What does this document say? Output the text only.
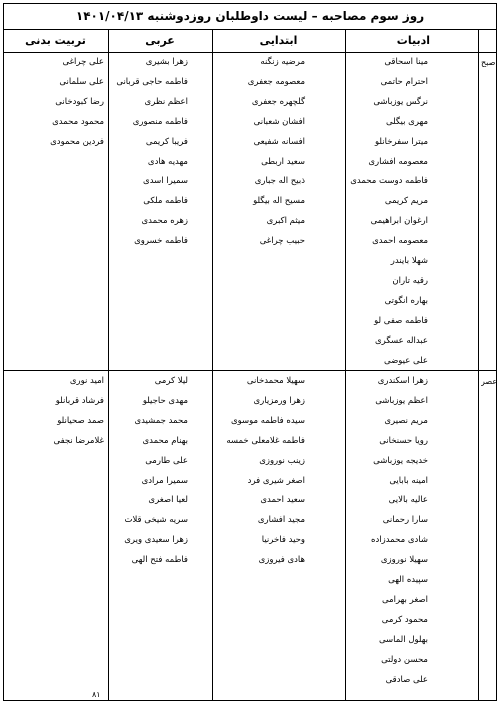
روز سوم مصاحبه – لیست داوطلبان روزدوشنبه ۱۴۰۱/۰۴/۱۳
ادبیات
ابتدایی
عربی
تربیت بدنی
۸۱
صبح
مینا اسحاقی
احترام حاتمی
نرگس یوزباشی
مهری بیگلی
میترا سفرخانلو
معصومه افشاری
فاطمه دوست محمدی
مریم کریمی
ارغوان ابراهیمی
معصومه احمدی
شهلا بایندر
رقیه تاران
بهاره انگوتی
فاطمه صفی لو
عبداله عسگری
علی عیوضی
مرضیه زنگنه
معصومه جعفری
گلچهره جعفری
افشان شعبانی
افسانه شفیعی
سعید اربطی
ذبیح اله جباری
مسیح اله بیگلو
میثم اکبری
حبیب چراغی
زهرا بشیری
فاطمه حاجی قربانی
اعظم نظری
فاطمه منصوری
فریبا کریمی
مهدیه هادی
سمیرا اسدی
فاطمه ملکی
زهره محمدی
فاطمه خسروی
علی چراغی
علی سلمانی
رضا کبودخانی
محمود محمدی
فردین محمودی
عصر
زهرا اسکندری
اعظم یوزباشی
مریم نصیری
رویا حسنخانی
خدیجه یوزباشی
امینه بابایی
عالیه بالایی
سارا رحمانی
شادی محمدزاده
سهیلا نوروزی
سپیده الهی
اصغر بهرامی
محمود کرمی
بهلول الماسی
محسن دولتی
علی صادقی
سهیلا محمدخانی
زهرا ورمزیاری
سیده فاطمه موسوی
فاطمه غلامعلی خمسه
زینب نوروزی
اصغر شیری فرد
سعید احمدی
مجید افشاری
وحید فاخرنیا
هادی فیروزی
لیلا کرمی
مهدی حاجیلو
محمد جمشیدی
بهنام محمدی
علی طارمی
سمیرا مرادی
لعیا اصغری
سریه شیخی قلات
زهرا سعیدی ویری
فاطمه فتح الهی
امید نوری
فرشاد قربانلو
صمد صحیانلو
غلامرضا نجفی
